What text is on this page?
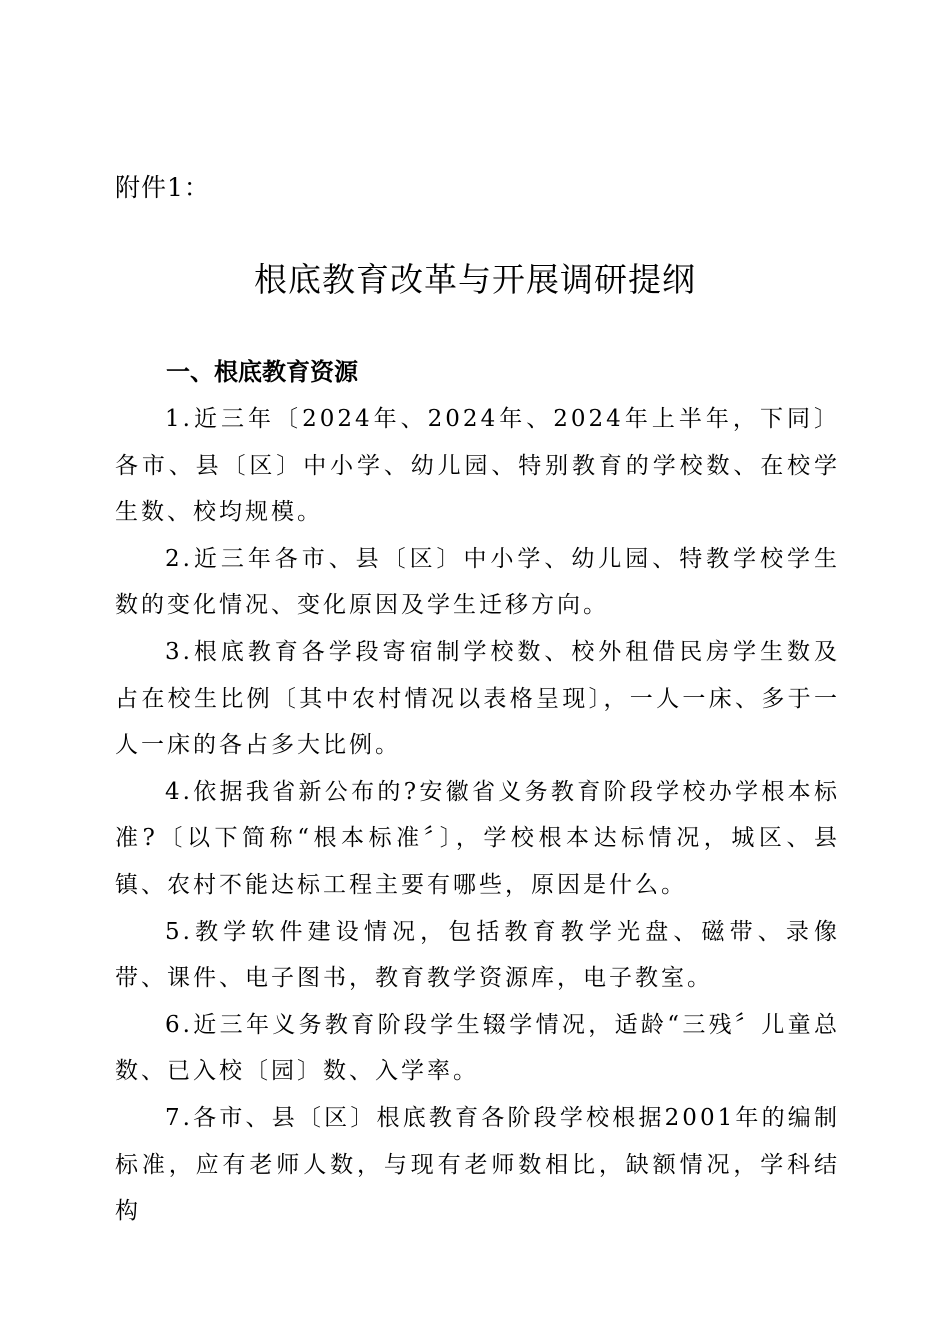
附件1：
根底教育改革与开展调研提纲
一、根底教育资源

1.近三年〔2024年、2024年、2024年上半年，下同〕各市、县〔区〕中小学、幼儿园、特别教育的学校数、在校学生数、校均规模。

2.近三年各市、县〔区〕中小学、幼儿园、特教学校学生数的变化情况、变化原因及学生迁移方向。

3.根底教育各学段寄宿制学校数、校外租借民房学生数及占在校生比例〔其中农村情况以表格呈现〕，一人一床、多于一人一床的各占多大比例。

4.依据我省新公布的?安徽省义务教育阶段学校办学根本标准?〔以下简称“根本标准〞〕，学校根本达标情况，城区、县镇、农村不能达标工程主要有哪些，原因是什么。

5.教学软件建设情况，包括教育教学光盘、磁带、录像带、课件、电子图书，教育教学资源库，电子教室。

6.近三年义务教育阶段学生辍学情况，适龄“三残〞儿童总数、已入校〔园〕数、入学率。

7.各市、县〔区〕根底教育各阶段学校根据2001年的编制标准，应有老师人数，与现有老师数相比，缺额情况，学科结构
